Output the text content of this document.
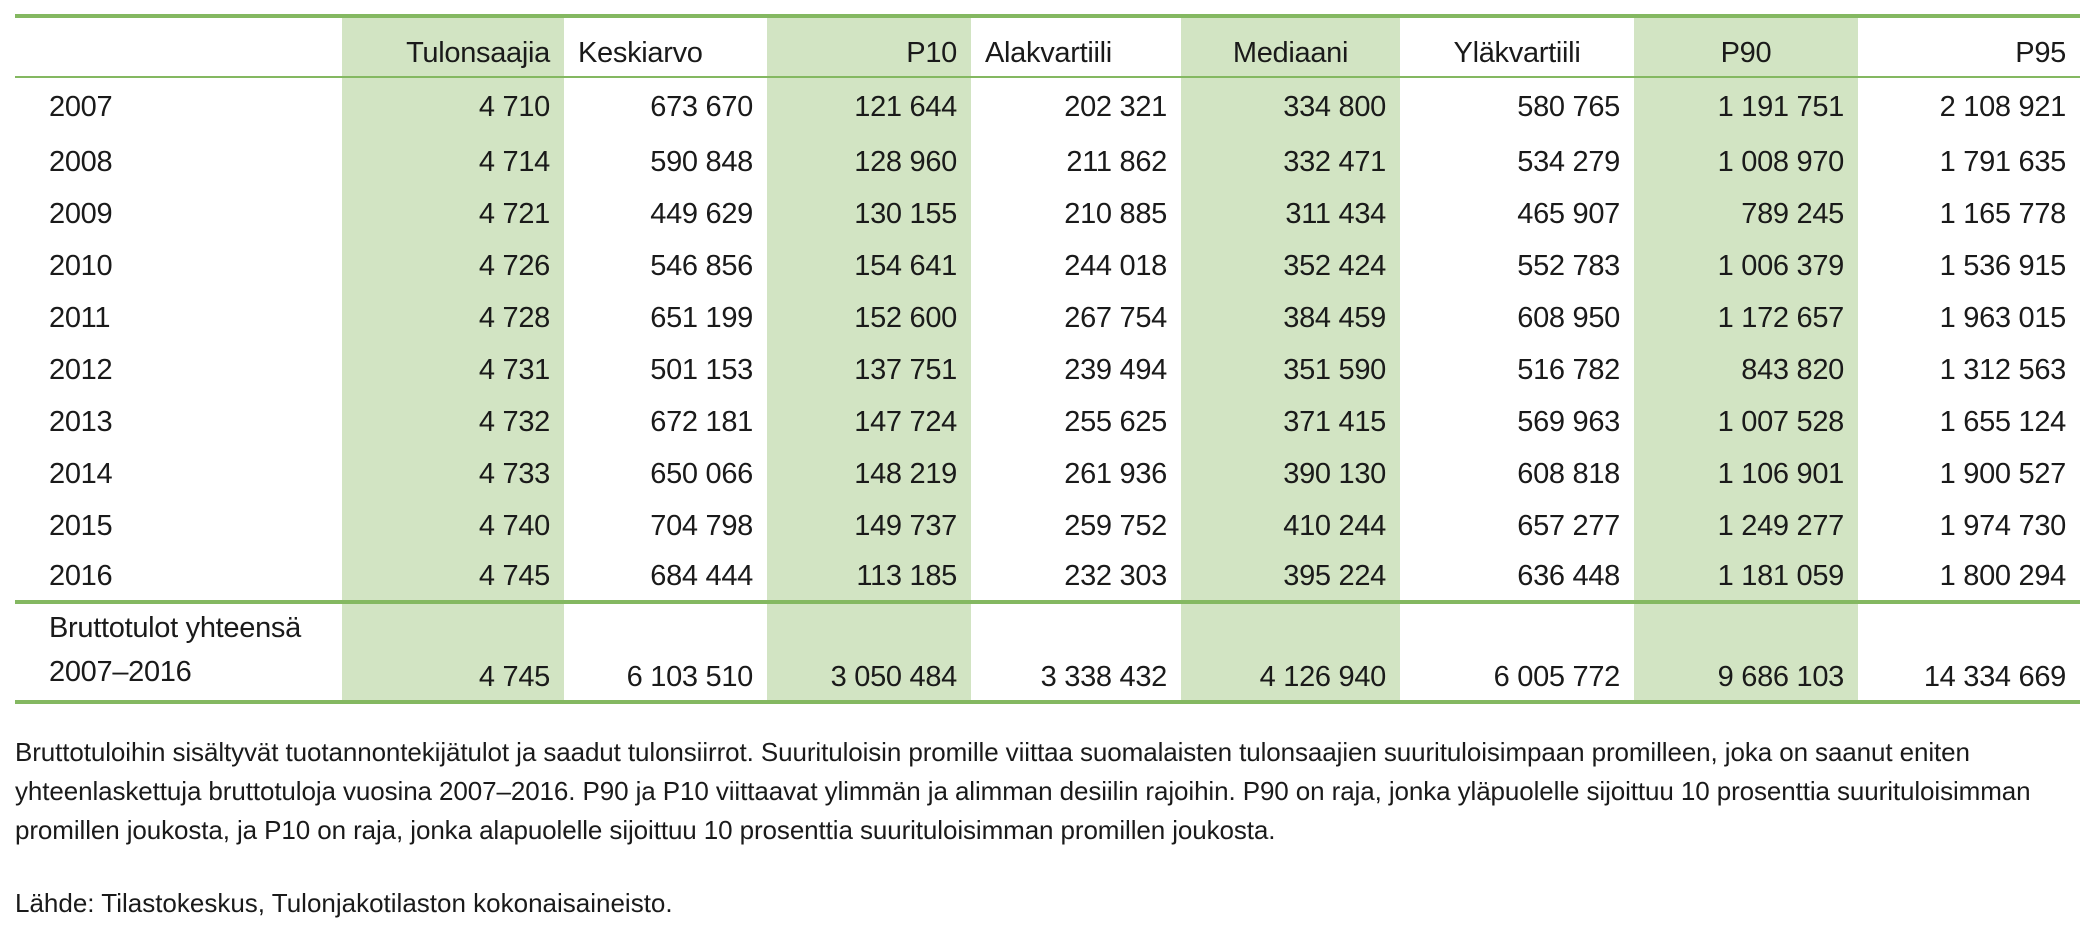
	Tulonsaajia	Keskiarvo	P10	Alakvartiili	Mediaani	Yläkvartiili	P90	P95
2007	4 710	673 670	121 644	202 321	334 800	580 765	1 191 751	2 108 921
2008	4 714	590 848	128 960	211 862	332 471	534 279	1 008 970	1 791 635
2009	4 721	449 629	130 155	210 885	311 434	465 907	789 245	1 165 778
2010	4 726	546 856	154 641	244 018	352 424	552 783	1 006 379	1 536 915
2011	4 728	651 199	152 600	267 754	384 459	608 950	1 172 657	1 963 015
2012	4 731	501 153	137 751	239 494	351 590	516 782	843 820	1 312 563
2013	4 732	672 181	147 724	255 625	371 415	569 963	1 007 528	1 655 124
2014	4 733	650 066	148 219	261 936	390 130	608 818	1 106 901	1 900 527
2015	4 740	704 798	149 737	259 752	410 244	657 277	1 249 277	1 974 730
2016	4 745	684 444	113 185	232 303	395 224	636 448	1 181 059	1 800 294
Bruttotulot yhteensä
2007–2016	4 745	6 103 510	3 050 484	3 338 432	4 126 940	6 005 772	9 686 103	14 334 669
Bruttotuloihin sisältyvät tuotannontekijätulot ja saadut tulonsiirrot. Suurituloisin promille viittaa suomalaisten tulonsaajien suurituloisimpaan promilleen, joka on saanut eniten yhteenlaskettuja bruttotuloja vuosina 2007–2016. P90 ja P10 viittaavat ylimmän ja alimman desiilin rajoihin. P90 on raja, jonka yläpuolelle sijoittuu 10 prosenttia suurituloisimman promillen joukosta, ja P10 on raja, jonka alapuolelle sijoittuu 10 prosenttia suurituloisimman promillen joukosta.
Lähde: Tilastokeskus, Tulonjakotilaston kokonaisaineisto.
